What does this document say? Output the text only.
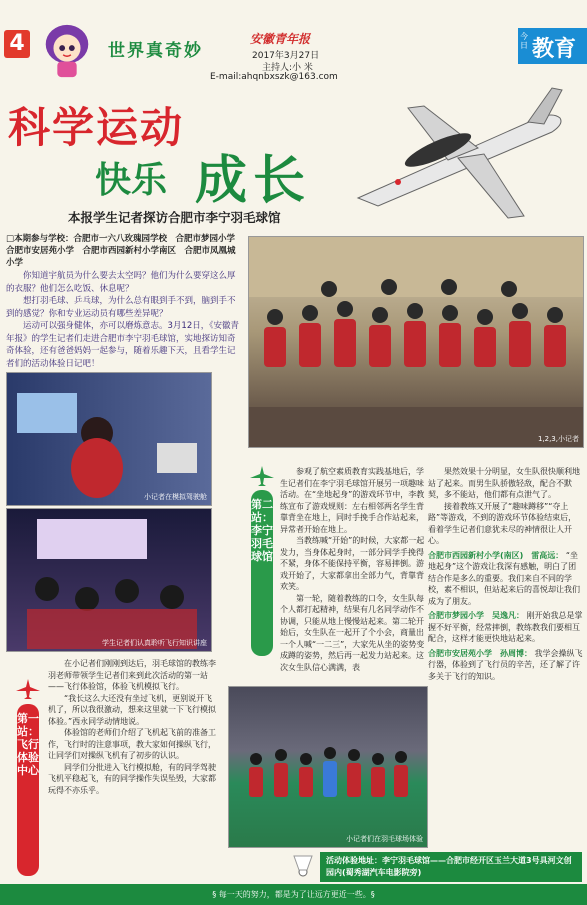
4	世界真奇妙
安徽青年报
2017年3月27日
主持人:小 米
E-mail:ahqnbxszk@163.com
今日 教育
科学运动
快乐 成长
本报学生记者探访合肥市李宁羽毛球馆
□本期参与学校：合肥市一六八玫瑰园学校　合肥市梦园小学　合肥市安居苑小学　合肥市西园新村小学南区　合肥市凤凰城小学

你知道宇航员为什么要去太空吗？他们为什么要穿这么厚的衣服？他们怎么吃饭、休息呢？

想打羽毛球、乒乓球，为什么总有眼到手不到，脑到手不到的感觉？你和专业运动员有哪些差异呢？

运动可以强身健体，亦可以磨炼意志。3月12日，《安徽青年报》的学生记者们走进合肥市李宁羽毛球馆，实地探访知奇奇体验，还有爸爸妈妈一起参与，随着乐趣下天，且看学生记者们的活动体验日记吧！

1,2,3,小记者
小记者在模拟驾驶舱
学生记者们认真聆听飞行知识讲座
第二站：李宁羽毛球馆

参观了航空素质教育实践基地后，学生记者们在李宁羽毛球馆开展另一项趣味活动。在“坐地起身”的游戏环节中，李教练宣布了游戏规则：左右相邻两名学生背靠背坐在地上，同时手挽手合作站起来，异常者开始在地上。

当教练喊“开始”的时候，大家都一起发力，当身体起身时，一部分同学手挽得不紧，身体不能保持平衡，容易摔倒。游戏开始了，大家都拿出全部力气，背靠背欢笑。

第一轮，随着教练的口令，女生队每个人都打起精神，结果有几名同学动作不协调，只能从地上慢慢站起来。第二轮开始后，女生队在一起开了个小会，商量出一个人喊“一二三”，大家先从坐的姿势变成蹲的姿势，然后再一起发力站起来。这次女生队信心满满，表

果然效果十分明显，女生队很快顺利地站了起来。而男生队骄傲轻敌，配合不默契，多不能站，他们都有点泄气了。

接着教练又开展了“趣味蹲移”“夺上路”等游戏，不到的游戏环节体验结束后，看着学生记者们意犹未尽的神情很让人开心。

合肥市西园新村小学(南区)　雷高远： “坐地起身”这个游戏让我深有感触，明白了团结合作是多么的重要。我们来自不同的学校，素不相识，但站起来后的喜悦却让我们成为了朋友。
合肥市梦园小学　吴逸凡： 刚开始我总是掌握不好平衡，经常摔倒，教练教我们要相互配合，这样才能更快地站起来。
合肥市安居苑小学　孙周博： 我学会操纵飞行器，体验到了飞行员的辛苦，还了解了许多关于飞行的知识。
第一站：飞行体验中心

在小记者们刚刚到达后，羽毛球馆的教练李羽老师带领学生记者们来到此次活动的第一站——飞行体验馆，体验飞机模拟飞行。

“我长这么大还没有坐过飞机，更别说开飞机了，所以我很激动，想来这里就一下飞行模拟体验。”西永同学动情地说。

体验馆的老师们介绍了飞机起飞前的准备工作，飞行时的注意事项，教大家如何操纵飞行，让同学们对操纵飞机有了初步的认识。

同学们分批进入飞行模拟舱，有的同学驾驶飞机平稳起飞，有的同学操作失误坠毁，大家都玩得不亦乐乎。

小记者们在羽毛球场体验
活动体验地址：李宁羽毛球馆——合肥市经开区玉兰大道3号具河文创园内(蜀秀湖汽车电影院旁)
§ 每一天的努力，都是为了让远方更近一些。§
